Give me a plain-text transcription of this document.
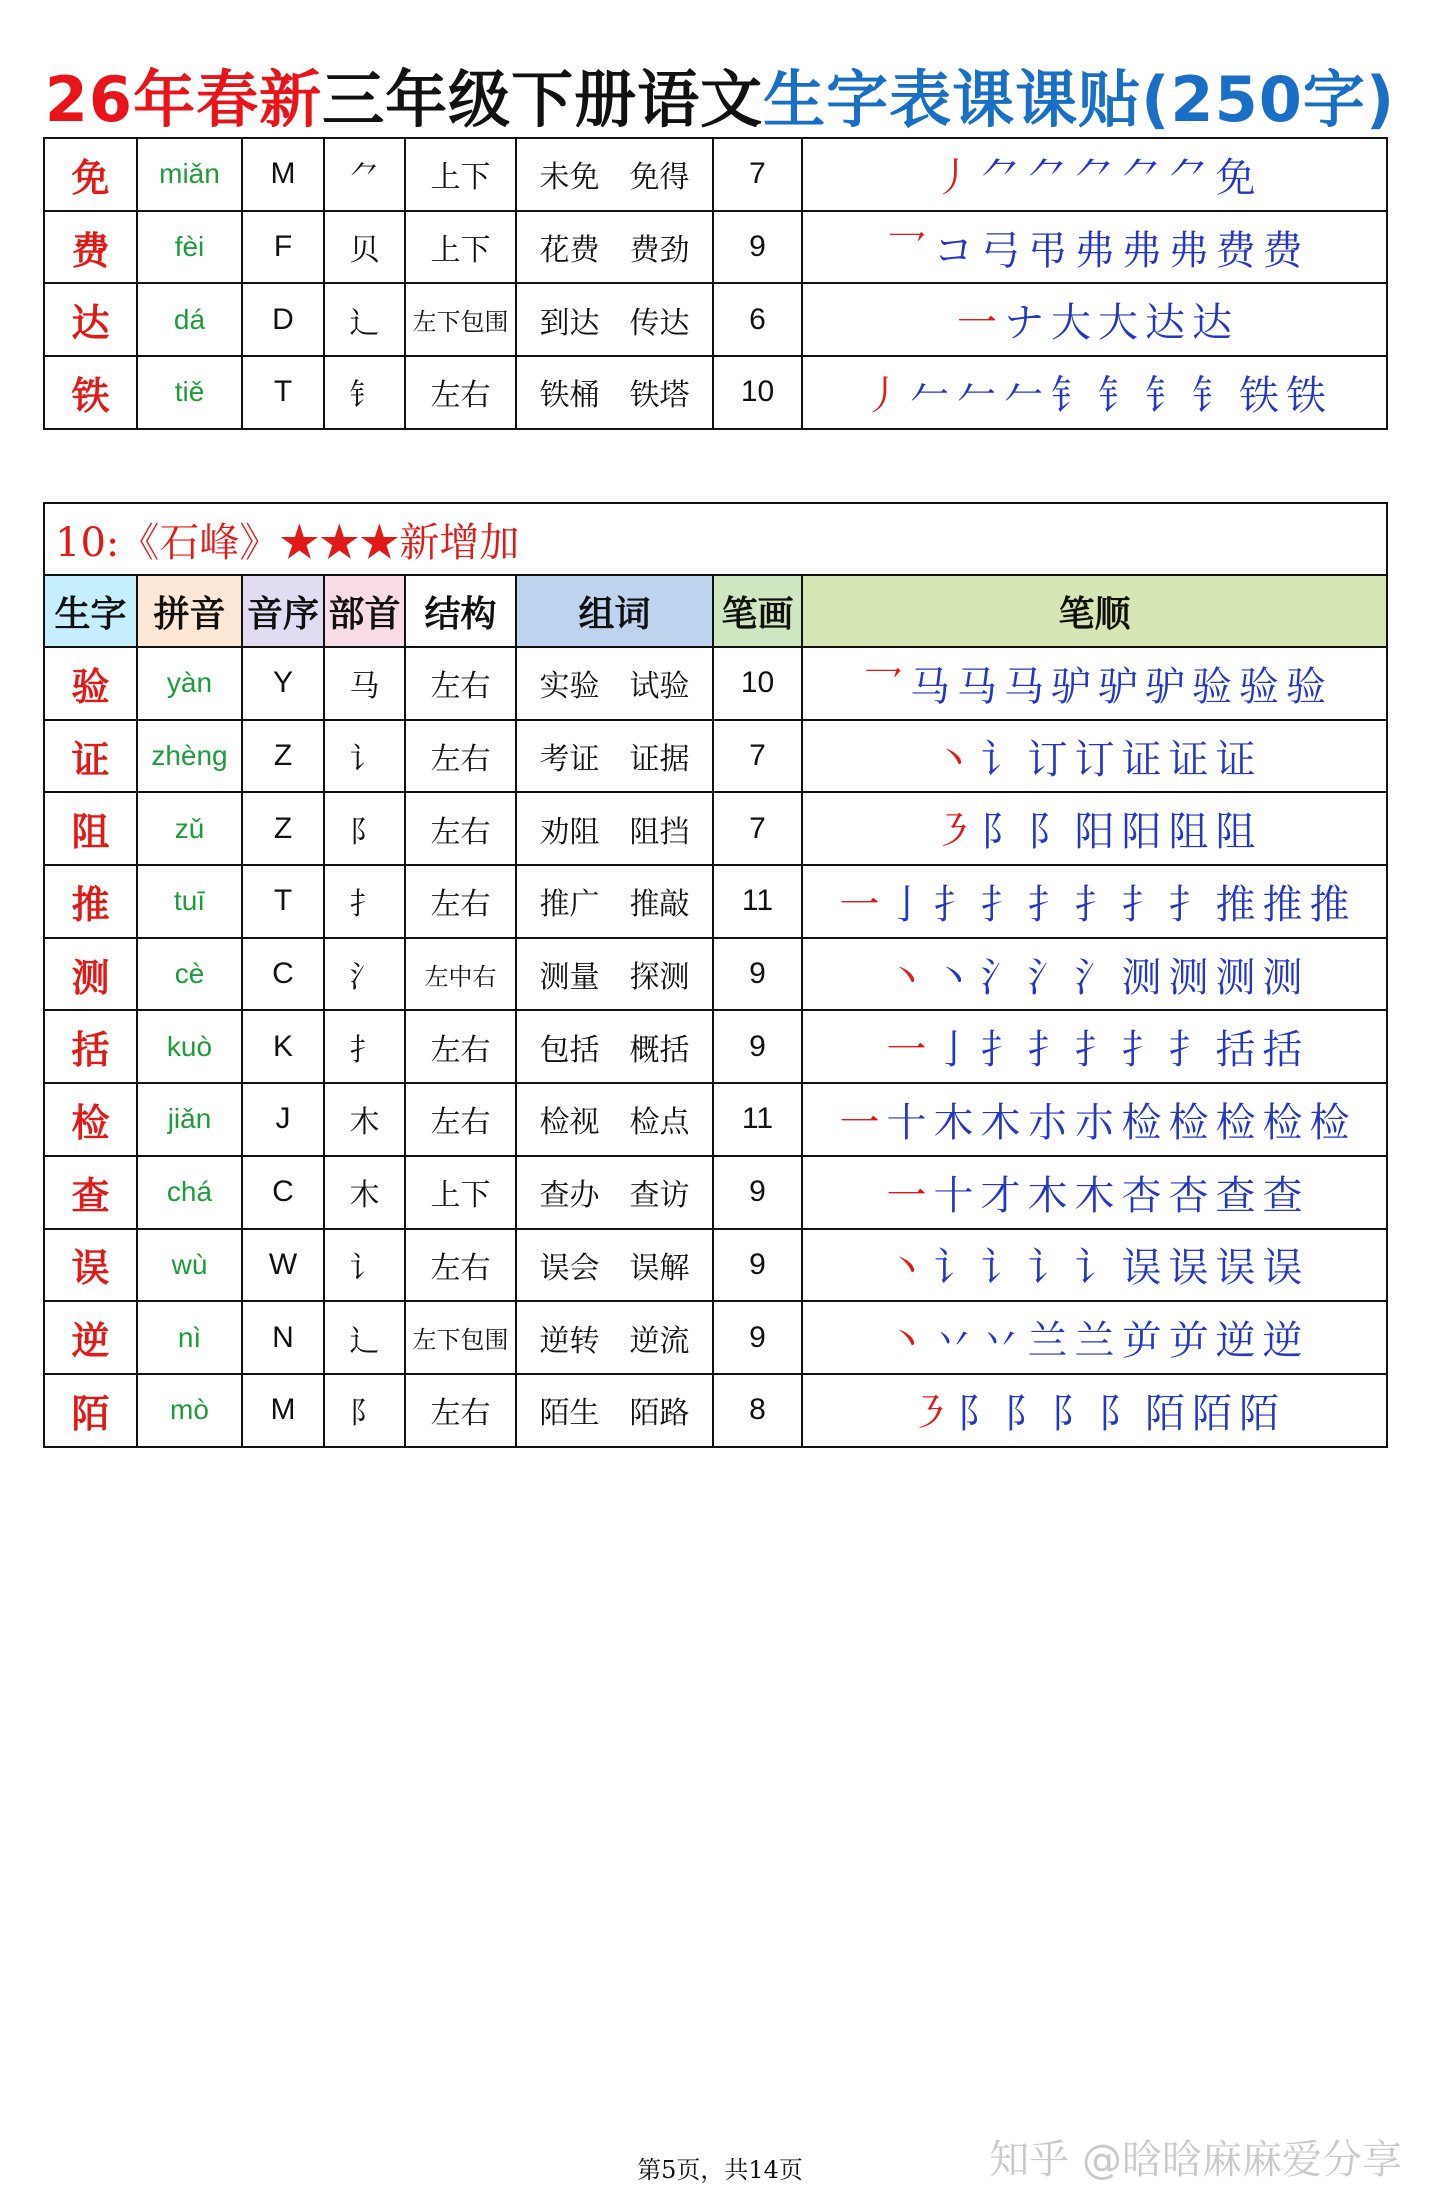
26年春新三年级下册语文生字表课课贴(250字)
免	miǎn	M	⺈	上下	未免 免得	7	丿 ⺈ ⺈ ⺈ ⺈ ⺈ 免
费	fèi	F	贝	上下	花费 费劲	9	乛 コ 弓 弔 弗 弗 弗 费 费
达	dá	D	辶	左下包围	到达 传达	6	一 ナ 大 大 达 达
铁	tiě	T	钅	左右	铁桶 铁塔	10	丿 𠂉 𠂉 𠂉 钅 钅 钅 钅 铁 铁
10:《石峰》★★★新增加							
生字	拼音	音序	部首	结构	组词	笔画	笔顺
验	yàn	Y	马	左右	实验 试验	10	乛 马 马 马 驴 驴 驴 验 验 验
证	zhèng	Z	讠	左右	考证 证据	7	丶 讠 订 订 证 证 证
阻	zǔ	Z	阝	左右	劝阻 阻挡	7	㇋ 阝 阝 阳 阳 阻 阻
推	tuī	T	扌	左右	推广 推敲	11	一 亅 扌 扌 扌 扌 扌 扌 推 推 推
测	cè	C	氵	左中右	测量 探测	9	丶 丶 氵 氵 氵 测 测 测 测
括	kuò	K	扌	左右	包括 概括	9	一 亅 扌 扌 扌 扌 扌 括 括
检	jiǎn	J	木	左右	检视 检点	11	一 十 木 木 朩 朩 检 检 检 检 检
查	chá	C	木	上下	查办 查访	9	一 十 才 木 木 杏 杏 查 查
误	wù	W	讠	左右	误会 误解	9	丶 讠 讠 讠 讠 误 误 误 误
逆	nì	N	辶	左下包围	逆转 逆流	9	丶 丷 丷 兰 兰 屰 屰 逆 逆
陌	mò	M	阝	左右	陌生 陌路	8	㇋ 阝 阝 阝 阝 陌 陌 陌
第5页，共14页	知乎 @晗晗麻麻爱分享
